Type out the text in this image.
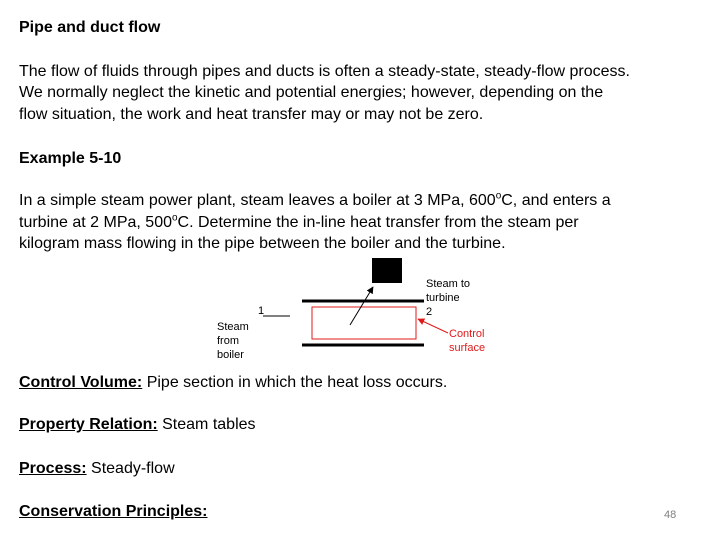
Pipe and duct flow
The flow of fluids through pipes and ducts is often a steady-state, steady-flow process.
We normally neglect the kinetic and potential energies; however, depending on the
flow situation, the work and heat transfer may or may not be zero.
Example 5-10
In a simple steam power plant, steam leaves a boiler at 3 MPa, 600$^o$C, and enters a
turbine at 2 MPa, 500$^o$C. Determine the in-line heat transfer from the steam per
kilogram mass flowing in the pipe between the boiler and the turbine.
1
Steam
from
boiler
Steam to
turbine
2
Control
surface
Control Volume: Pipe section in which the heat loss occurs.
Property Relation: Steam tables
Process: Steady-flow
Conservation Principles:	48
